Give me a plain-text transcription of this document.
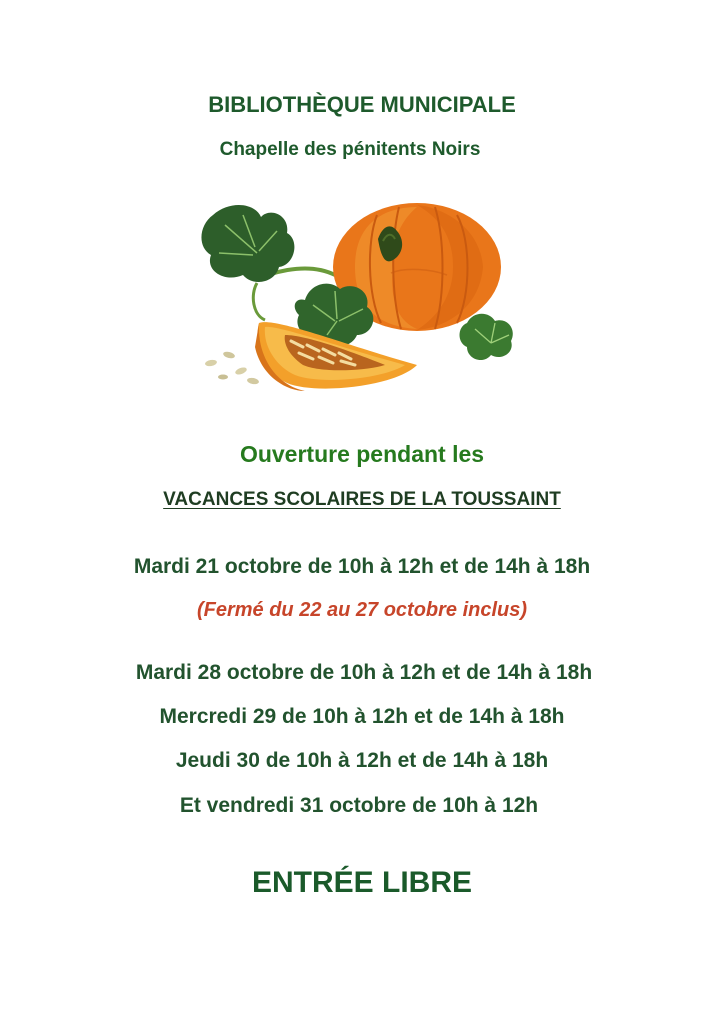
BIBLIOTHÈQUE MUNICIPALE
Chapelle des pénitents Noirs
Ouverture pendant les
VACANCES SCOLAIRES DE LA TOUSSAINT
Mardi 21 octobre de 10h à 12h et de 14h à 18h
(Fermé du 22 au 27 octobre inclus)
Mardi 28 octobre de 10h à 12h et de 14h à 18h
Mercredi 29 de 10h à 12h et de 14h à 18h
Jeudi 30 de 10h à 12h et de 14h à 18h
Et vendredi 31 octobre de 10h à 12h
ENTRÉE LIBRE
